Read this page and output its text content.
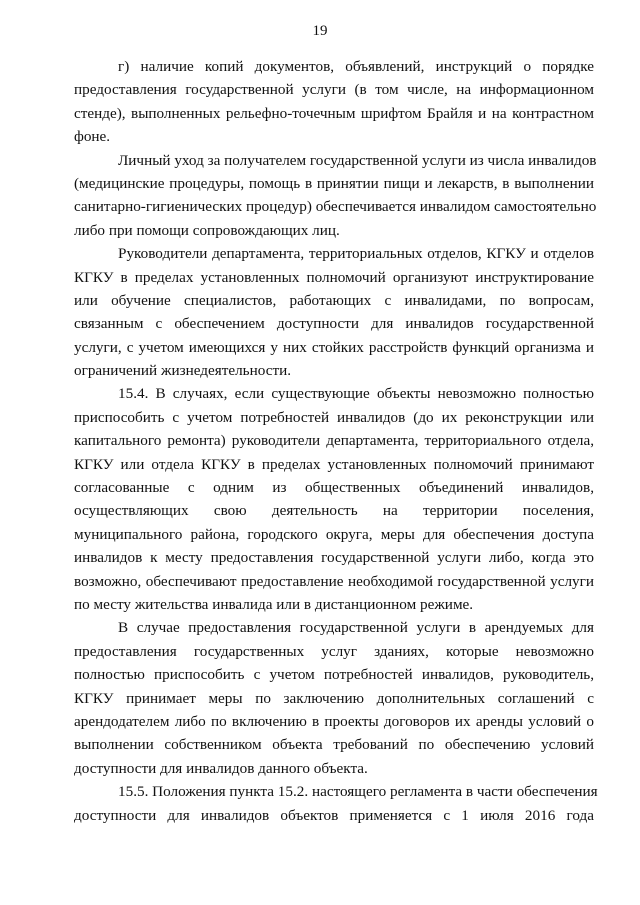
19
г) наличие копий документов, объявлений, инструкций о порядке
предоставления государственной услуги (в том числе, на информационном
стенде), выполненных рельефно-точечным шрифтом Брайля и на контрастном
фоне.
Личный уход за получателем государственной услуги из числа инвалидов
(медицинские процедуры, помощь в принятии пищи и лекарств, в выполнении
санитарно-гигиенических процедур) обеспечивается инвалидом самостоятельно
либо при помощи сопровождающих лиц.
Руководители департамента, территориальных отделов, КГКУ и отделов
КГКУ в пределах установленных полномочий организуют инструктирование
или обучение специалистов, работающих с инвалидами, по вопросам,
связанным с обеспечением доступности для инвалидов государственной
услуги, с учетом имеющихся у них стойких расстройств функций организма и
ограничений жизнедеятельности.
15.4. В случаях, если существующие объекты невозможно полностью
приспособить с учетом потребностей инвалидов (до их реконструкции или
капитального ремонта) руководители департамента, территориального отдела,
КГКУ или отдела КГКУ в пределах установленных полномочий принимают
согласованные с одним из общественных объединений инвалидов,
осуществляющих свою деятельность на территории поселения,
муниципального района, городского округа, меры для обеспечения доступа
инвалидов к месту предоставления государственной услуги либо, когда это
возможно, обеспечивают предоставление необходимой государственной услуги
по месту жительства инвалида или в дистанционном режиме.
В случае предоставления государственной услуги в арендуемых для
предоставления государственных услуг зданиях, которые невозможно
полностью приспособить с учетом потребностей инвалидов, руководитель,
КГКУ принимает меры по заключению дополнительных соглашений с
арендодателем либо по включению в проекты договоров их аренды условий о
выполнении собственником объекта требований по обеспечению условий
доступности для инвалидов данного объекта.
15.5. Положения пункта 15.2. настоящего регламента в части обеспечения
доступности для инвалидов объектов применяется с 1 июля 2016 года
